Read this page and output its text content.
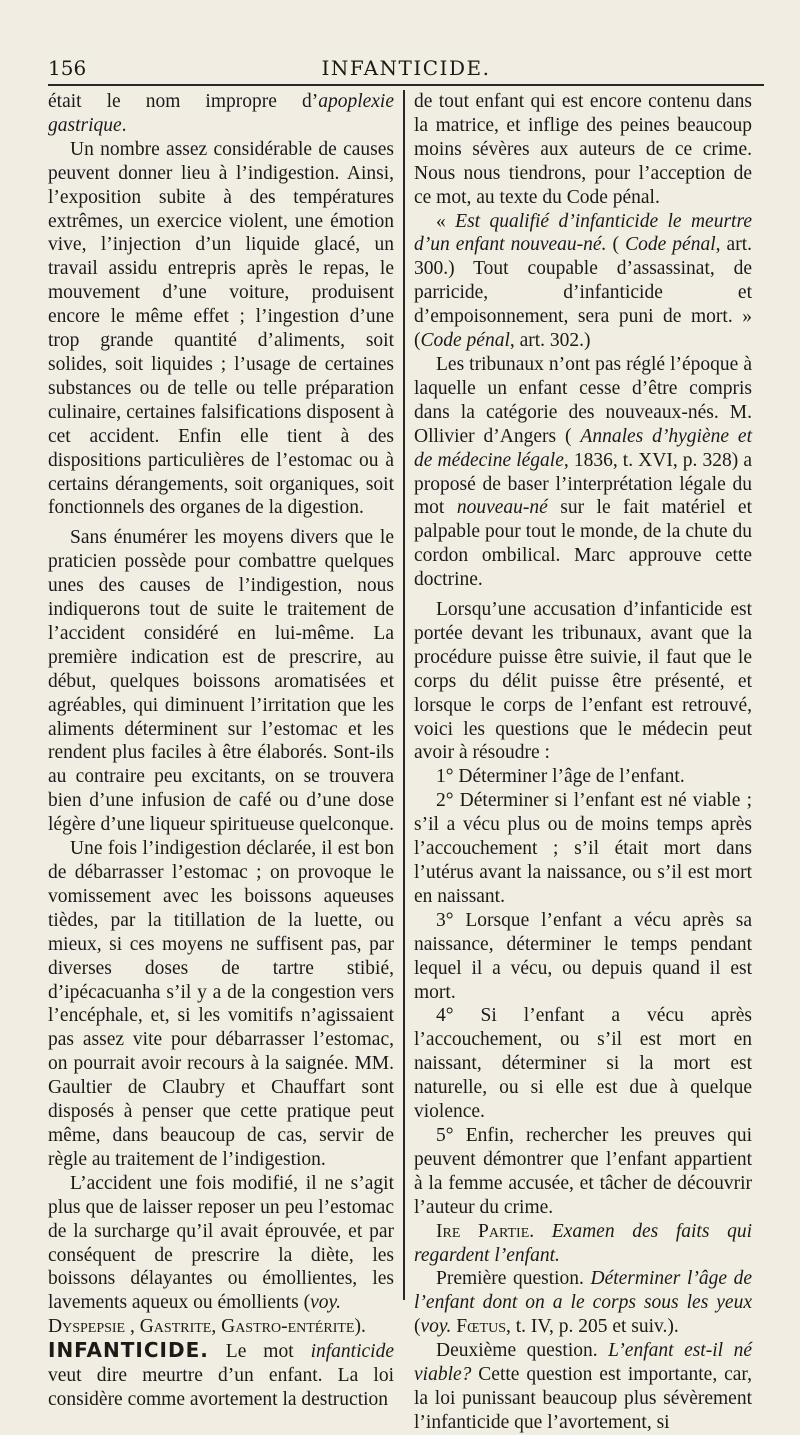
156	INFANTICIDE.

était le nom impropre d’apoplexie gastrique.

Un nombre assez considérable de causes peuvent donner lieu à l’indigestion. Ainsi, l’exposition subite à des températures extrêmes, un exercice violent, une émotion vive, l’injection d’un liquide glacé, un travail assidu entrepris après le repas, le mouvement d’une voiture, produisent encore le même effet ; l’ingestion d’une trop grande quantité d’aliments, soit solides, soit liquides ; l’usage de certaines substances ou de telle ou telle préparation culinaire, certaines falsifications disposent à cet accident. Enfin elle tient à des dispositions particulières de l’estomac ou à certains dérangements, soit organiques, soit fonctionnels des organes de la digestion.

Sans énumérer les moyens divers que le praticien possède pour combattre quelques unes des causes de l’indigestion, nous indiquerons tout de suite le traitement de l’accident considéré en lui-même. La première indication est de prescrire, au début, quelques boissons aromatisées et agréables, qui diminuent l’irritation que les aliments déterminent sur l’estomac et les rendent plus faciles à être élaborés. Sont-ils au contraire peu excitants, on se trouvera bien d’une infusion de café ou d’une dose légère d’une liqueur spiritueuse quelconque.

Une fois l’indigestion déclarée, il est bon de débarrasser l’estomac ; on provoque le vomissement avec les boissons aqueuses tièdes, par la titillation de la luette, ou mieux, si ces moyens ne suffisent pas, par diverses doses de tartre stibié, d’ipécacuanha s’il y a de la congestion vers l’encéphale, et, si les vomitifs n’agissaient pas assez vite pour débarrasser l’estomac, on pourrait avoir recours à la saignée. MM. Gaultier de Claubry et Chauffart sont disposés à penser que cette pratique peut même, dans beaucoup de cas, servir de règle au traitement de l’indigestion.

L’accident une fois modifié, il ne s’agit plus que de laisser reposer un peu l’estomac de la surcharge qu’il avait éprouvée, et par conséquent de prescrire la diète, les boissons délayantes ou émollientes, les lavements aqueux ou émollients (voy.
Dyspepsie , Gastrite, Gastro-entérite).

INFANTICIDE. Le mot infanticide veut dire meurtre d’un enfant. La loi considère comme avortement la destruction

de tout enfant qui est encore contenu dans la matrice, et inflige des peines beaucoup moins sévères aux auteurs de ce crime. Nous nous tiendrons, pour l’acception de ce mot, au texte du Code pénal.

« Est qualifié d’infanticide le meurtre d’un enfant nouveau-né. ( Code pénal, art. 300.) Tout coupable d’assassinat, de parricide, d’infanticide et d’empoisonnement, sera puni de mort. » (Code pénal, art. 302.)

Les tribunaux n’ont pas réglé l’époque à laquelle un enfant cesse d’être compris dans la catégorie des nouveaux-nés. M. Ollivier d’Angers ( Annales d’hygiène et de médecine légale, 1836, t. XVI, p. 328) a proposé de baser l’interprétation légale du mot nouveau-né sur le fait matériel et palpable pour tout le monde, de la chute du cordon ombilical. Marc approuve cette doctrine.

Lorsqu’une accusation d’infanticide est portée devant les tribunaux, avant que la procédure puisse être suivie, il faut que le corps du délit puisse être présenté, et lorsque le corps de l’enfant est retrouvé, voici les questions que le médecin peut avoir à résoudre :

1° Déterminer l’âge de l’enfant.

2° Déterminer si l’enfant est né viable ; s’il a vécu plus ou de moins temps après l’accouchement ; s’il était mort dans l’utérus avant la naissance, ou s’il est mort en naissant.

3° Lorsque l’enfant a vécu après sa naissance, déterminer le temps pendant lequel il a vécu, ou depuis quand il est mort.

4° Si l’enfant a vécu après l’accouchement, ou s’il est mort en naissant, déterminer si la mort est naturelle, ou si elle est due à quelque violence.

5° Enfin, rechercher les preuves qui peuvent démontrer que l’enfant appartient à la femme accusée, et tâcher de découvrir l’auteur du crime.

Ire Partie. Examen des faits qui regardent l’enfant.

Première question. Déterminer l’âge de l’enfant dont on a le corps sous les yeux (voy. Fœtus, t. IV, p. 205 et suiv.).

Deuxième question. L’enfant est-il né viable? Cette question est importante, car, la loi punissant beaucoup plus sévèrement l’infanticide que l’avortement, si
